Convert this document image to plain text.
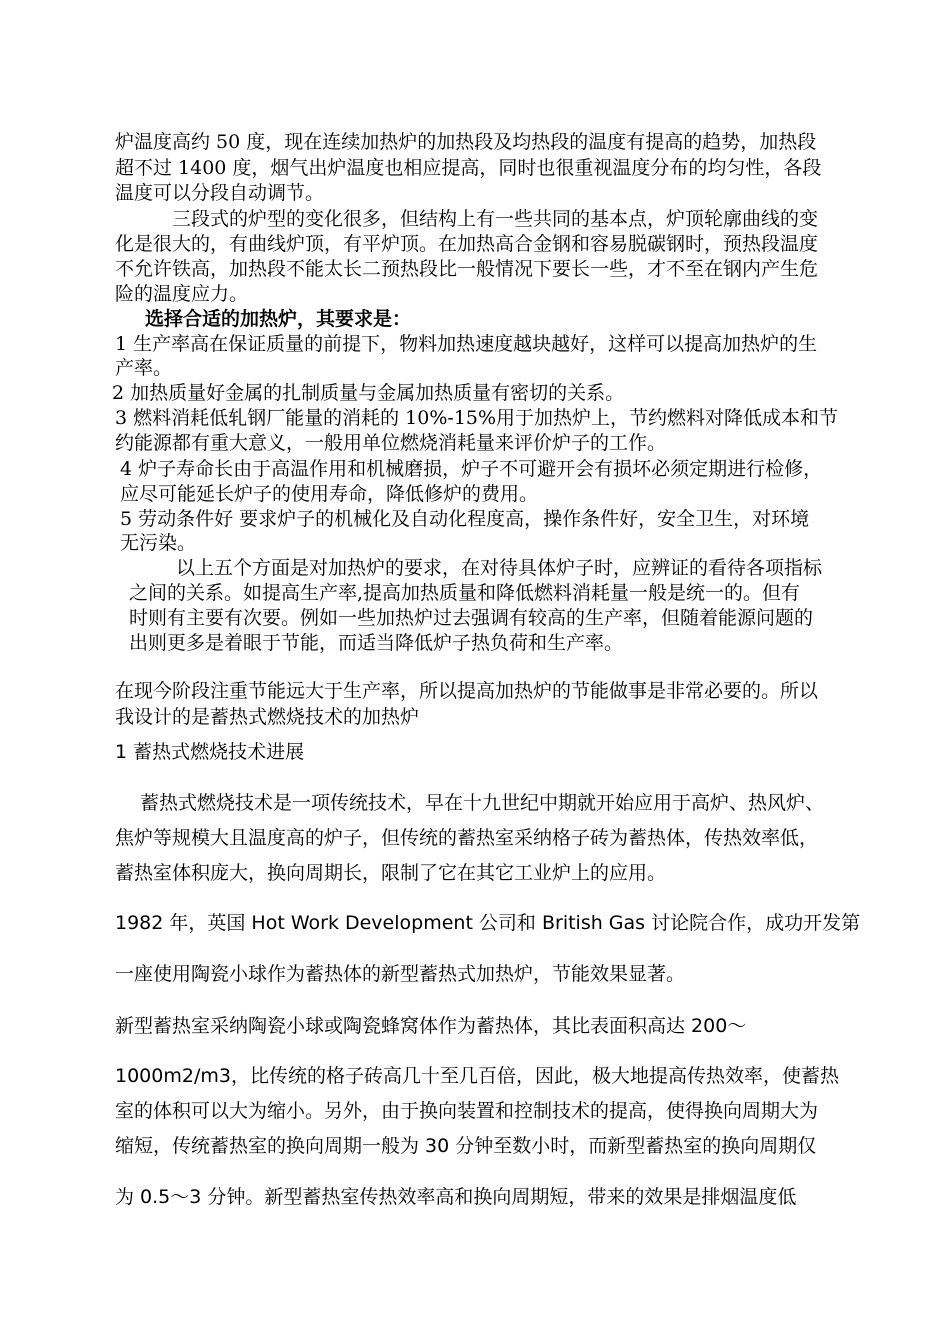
炉温度高约 50 度，现在连续加热炉的加热段及均热段的温度有提高的趋势，加热段
超不过 1400 度，烟气出炉温度也相应提高，同时也很重视温度分布的均匀性，各段
温度可以分段自动调节。
三段式的炉型的变化很多，但结构上有一些共同的基本点，炉顶轮廓曲线的变
化是很大的，有曲线炉顶，有平炉顶。在加热高合金钢和容易脱碳钢时，预热段温度
不允许铁高，加热段不能太长二预热段比一般情况下要长一些，才不至在钢内产生危
险的温度应力。
选择合适的加热炉，其要求是：
1 生产率高在保证质量的前提下，物料加热速度越块越好，这样可以提高加热炉的生
产率。
2 加热质量好金属的扎制质量与金属加热质量有密切的关系。
3 燃料消耗低轧钢厂能量的消耗的 10%-15%用于加热炉上，节约燃料对降低成本和节
约能源都有重大意义，一般用单位燃烧消耗量来评价炉子的工作。
4 炉子寿命长由于高温作用和机械磨损，炉子不可避开会有损坏必须定期进行检修，
应尽可能延长炉子的使用寿命，降低修炉的费用。
5 劳动条件好 要求炉子的机械化及自动化程度高，操作条件好，安全卫生，对环境
无污染。
以上五个方面是对加热炉的要求，在对待具体炉子时，应辨证的看待各项指标
之间的关系。如提高生产率,提高加热质量和降低燃料消耗量一般是统一的。但有
时则有主要有次要。例如一些加热炉过去强调有较高的生产率，但随着能源问题的
出则更多是着眼于节能，而适当降低炉子热负荷和生产率。
在现今阶段注重节能远大于生产率，所以提高加热炉的节能做事是非常必要的。所以
我设计的是蓄热式燃烧技术的加热炉
1 蓄热式燃烧技术进展
蓄热式燃烧技术是一项传统技术，早在十九世纪中期就开始应用于高炉、热风炉、
焦炉等规模大且温度高的炉子，但传统的蓄热室采纳格子砖为蓄热体，传热效率低，
蓄热室体积庞大，换向周期长，限制了它在其它工业炉上的应用。
1982 年，英国 Hot Work Development 公司和 British Gas 讨论院合作，成功开发第
一座使用陶瓷小球作为蓄热体的新型蓄热式加热炉，节能效果显著。
新型蓄热室采纳陶瓷小球或陶瓷蜂窝体作为蓄热体，其比表面积高达 200～
1000m2/m3，比传统的格子砖高几十至几百倍，因此，极大地提高传热效率，使蓄热
室的体积可以大为缩小。另外，由于换向装置和控制技术的提高，使得换向周期大为
缩短，传统蓄热室的换向周期一般为 30 分钟至数小时，而新型蓄热室的换向周期仅
为 0.5～3 分钟。新型蓄热室传热效率高和换向周期短，带来的效果是排烟温度低
